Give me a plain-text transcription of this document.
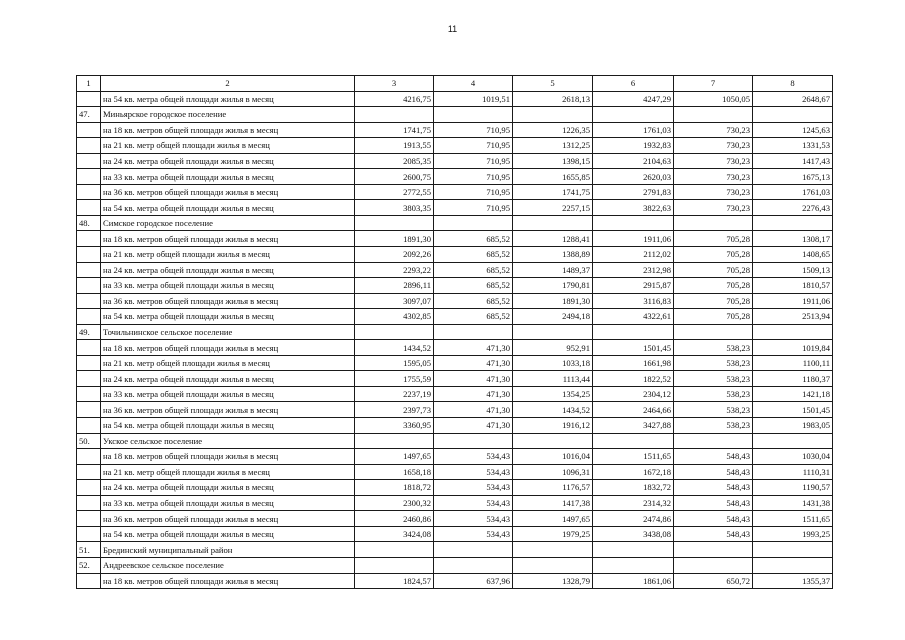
11
1	2	3	4	5	6	7	8
	на 54 кв. метра общей площади жилья в месяц	4216,75	1019,51	2618,13	4247,29	1050,05	2648,67
47.	Миньярское городское поселение						
	на 18 кв. метров общей площади жилья в месяц	1741,75	710,95	1226,35	1761,03	730,23	1245,63
	на 21 кв. метр общей площади жилья в месяц	1913,55	710,95	1312,25	1932,83	730,23	1331,53
	на 24 кв. метра общей площади жилья в месяц	2085,35	710,95	1398,15	2104,63	730,23	1417,43
	на 33 кв. метра общей площади жилья в месяц	2600,75	710,95	1655,85	2620,03	730,23	1675,13
	на 36 кв. метров общей площади жилья в месяц	2772,55	710,95	1741,75	2791,83	730,23	1761,03
	на 54 кв. метра общей площади жилья в месяц	3803,35	710,95	2257,15	3822,63	730,23	2276,43
48.	Симское городское поселение						
	на 18 кв. метров общей площади жилья в месяц	1891,30	685,52	1288,41	1911,06	705,28	1308,17
	на 21 кв. метр общей площади жилья в месяц	2092,26	685,52	1388,89	2112,02	705,28	1408,65
	на 24 кв. метра общей площади жилья в месяц	2293,22	685,52	1489,37	2312,98	705,28	1509,13
	на 33 кв. метра общей площади жилья в месяц	2896,11	685,52	1790,81	2915,87	705,28	1810,57
	на 36 кв. метров общей площади жилья в месяц	3097,07	685,52	1891,30	3116,83	705,28	1911,06
	на 54 кв. метра общей площади жилья в месяц	4302,85	685,52	2494,18	4322,61	705,28	2513,94
49.	Точильнинское сельское поселение						
	на 18 кв. метров общей площади жилья в месяц	1434,52	471,30	952,91	1501,45	538,23	1019,84
	на 21 кв. метр общей площади жилья в месяц	1595,05	471,30	1033,18	1661,98	538,23	1100,11
	на 24 кв. метра общей площади жилья в месяц	1755,59	471,30	1113,44	1822,52	538,23	1180,37
	на 33 кв. метра общей площади жилья в месяц	2237,19	471,30	1354,25	2304,12	538,23	1421,18
	на 36 кв. метров общей площади жилья в месяц	2397,73	471,30	1434,52	2464,66	538,23	1501,45
	на 54 кв. метра общей площади жилья в месяц	3360,95	471,30	1916,12	3427,88	538,23	1983,05
50.	Укское сельское поселение						
	на 18 кв. метров общей площади жилья в месяц	1497,65	534,43	1016,04	1511,65	548,43	1030,04
	на 21 кв. метр общей площади жилья в месяц	1658,18	534,43	1096,31	1672,18	548,43	1110,31
	на 24 кв. метра общей площади жилья в месяц	1818,72	534,43	1176,57	1832,72	548,43	1190,57
	на 33 кв. метра общей площади жилья в месяц	2300,32	534,43	1417,38	2314,32	548,43	1431,38
	на 36 кв. метров общей площади жилья в месяц	2460,86	534,43	1497,65	2474,86	548,43	1511,65
	на 54 кв. метра общей площади жилья в месяц	3424,08	534,43	1979,25	3438,08	548,43	1993,25
51.	Брединский муниципальный район						
52.	Андреевское сельское поселение						
	на 18 кв. метров общей площади жилья в месяц	1824,57	637,96	1328,79	1861,06	650,72	1355,37
